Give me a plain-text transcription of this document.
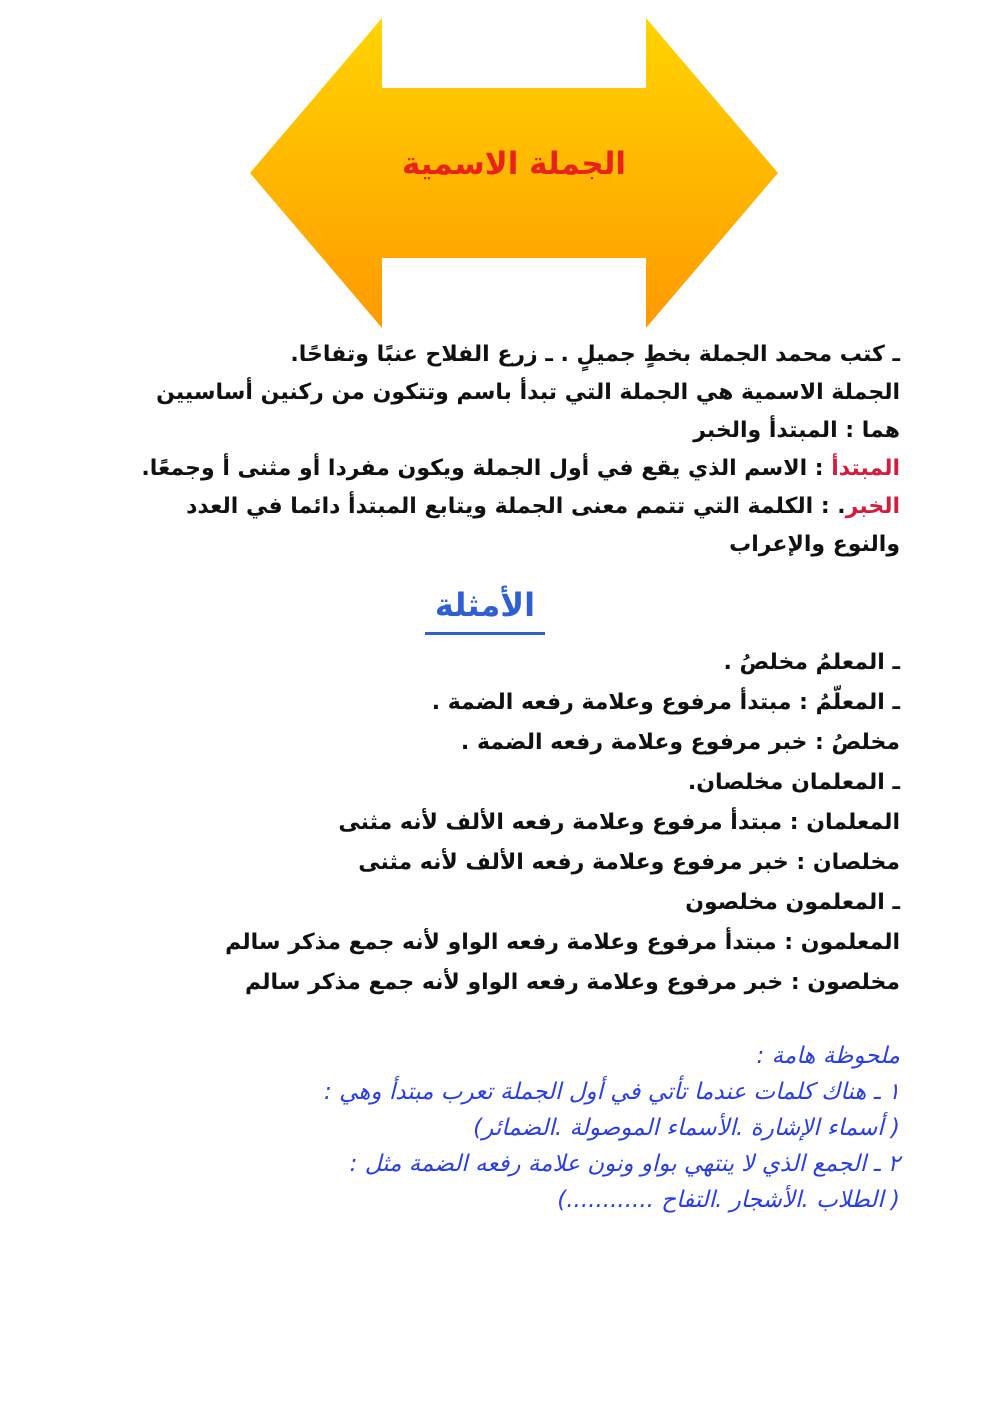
الجملة الاسمية
ـ كتب محمد الجملة بخطٍ جميلٍ . ـ زرع الفلاح عنبًا وتفاحًا.
الجملة الاسمية هي الجملة التي تبدأ باسم وتتكون من ركنين أساسيين
هما : المبتدأ والخبر
المبتدأ : الاسم الذي يقع في أول الجملة ويكون مفردا أو مثنى أ وجمعًا.
الخبر. : الكلمة التي تتمم معنى الجملة ويتابع المبتدأ دائما في العدد
والنوع والإعراب
الأمثلة
ـ المعلمُ مخلصُ .
ـ المعلّمُ : مبتدأ مرفوع وعلامة رفعه الضمة .
مخلصُ : خبر مرفوع وعلامة رفعه الضمة .
ـ المعلمان مخلصان.
المعلمان : مبتدأ مرفوع وعلامة رفعه الألف لأنه مثنى
مخلصان : خبر مرفوع وعلامة رفعه الألف لأنه مثنى
ـ المعلمون مخلصون
المعلمون : مبتدأ مرفوع وعلامة رفعه الواو لأنه جمع مذكر سالم
مخلصون : خبر مرفوع وعلامة رفعه الواو لأنه جمع مذكر سالم
ملحوظة هامة :
١ ـ هناك كلمات عندما تأتي في أول الجملة تعرب مبتدأ وهي :
( أسماء الإشارة .الأسماء الموصولة .الضمائر)
٢ ـ الجمع الذي لا ينتهي بواو ونون علامة رفعه الضمة مثل :
( الطلاب .الأشجار .التفاح ............)
